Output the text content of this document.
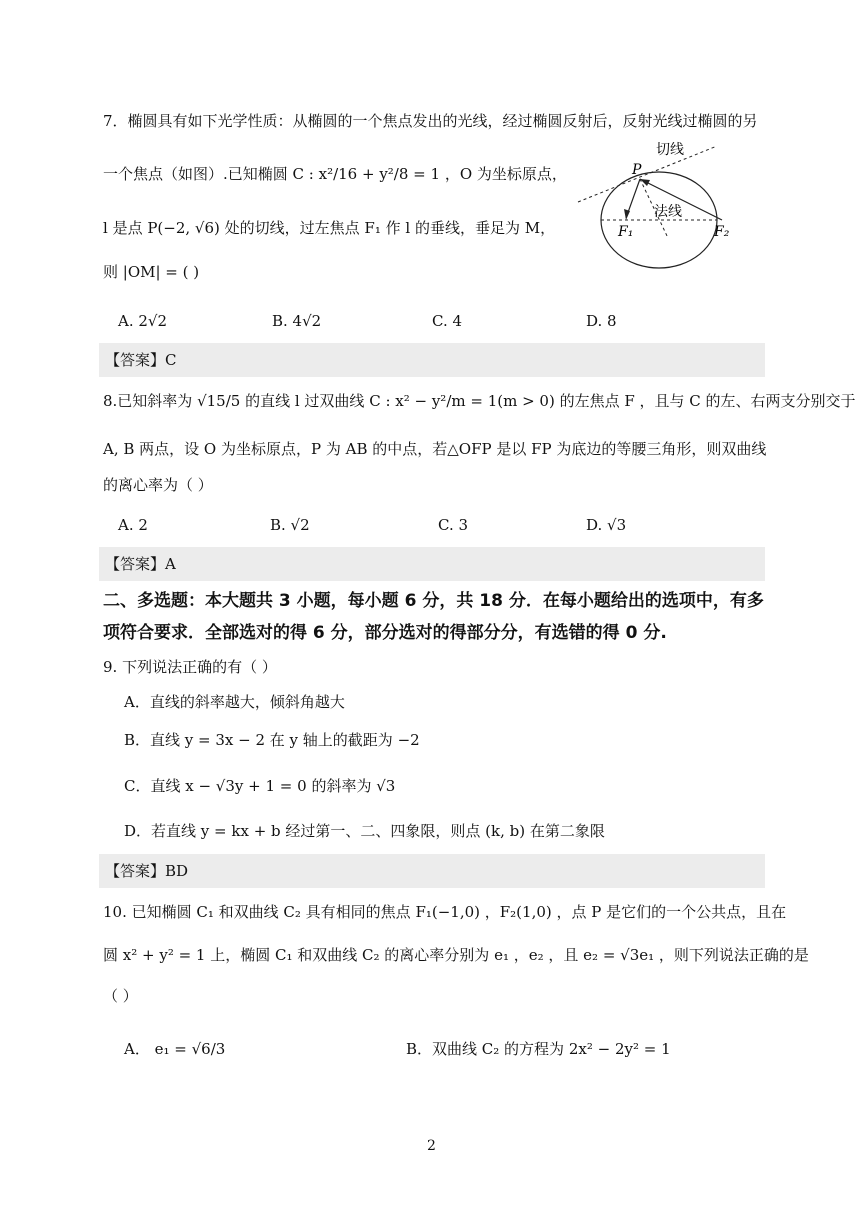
7．椭圆具有如下光学性质：从椭圆的一个焦点发出的光线，经过椭圆反射后，反射光线过椭圆的另
一个焦点（如图）.已知椭圆 C : x²/16 + y²/8 = 1 ，O 为坐标原点，
l 是点 P(−2, √6) 处的切线，过左焦点 F₁ 作 l 的垂线，垂足为 M，
则 |OM| = ( )
切线
P
法线
F₁	F₂
A. 2√2	B. 4√2	C. 4	D. 8
【答案】C
8.已知斜率为 √15/5 的直线 l 过双曲线 C : x² − y²/m = 1(m > 0) 的左焦点 F ，且与 C 的左、右两支分别交于
A, B 两点，设 O 为坐标原点，P 为 AB 的中点，若△OFP 是以 FP 为底边的等腰三角形，则双曲线
的离心率为（ ）
A. 2	B. √2	C. 3	D. √3
【答案】A
二、多选题：本大题共 3 小题，每小题 6 分，共 18 分．在每小题给出的选项中，有多
项符合要求．全部选对的得 6 分，部分选对的得部分分，有选错的得 0 分.
9. 下列说法正确的有（ ）
A．直线的斜率越大，倾斜角越大
B．直线 y = 3x − 2 在 y 轴上的截距为 −2
C．直线 x − √3y + 1 = 0 的斜率为 √3
D．若直线 y = kx + b 经过第一、二、四象限，则点 (k, b) 在第二象限
【答案】BD
10. 已知椭圆 C₁ 和双曲线 C₂ 具有相同的焦点 F₁(−1,0) ，F₂(1,0) ，点 P 是它们的一个公共点，且在
圆 x² + y² = 1 上，椭圆 C₁ 和双曲线 C₂ 的离心率分别为 e₁ ，e₂ ，且 e₂ = √3e₁ ，则下列说法正确的是
（ ）
A． e₁ = √6/3	B．双曲线 C₂ 的方程为 2x² − 2y² = 1
2
